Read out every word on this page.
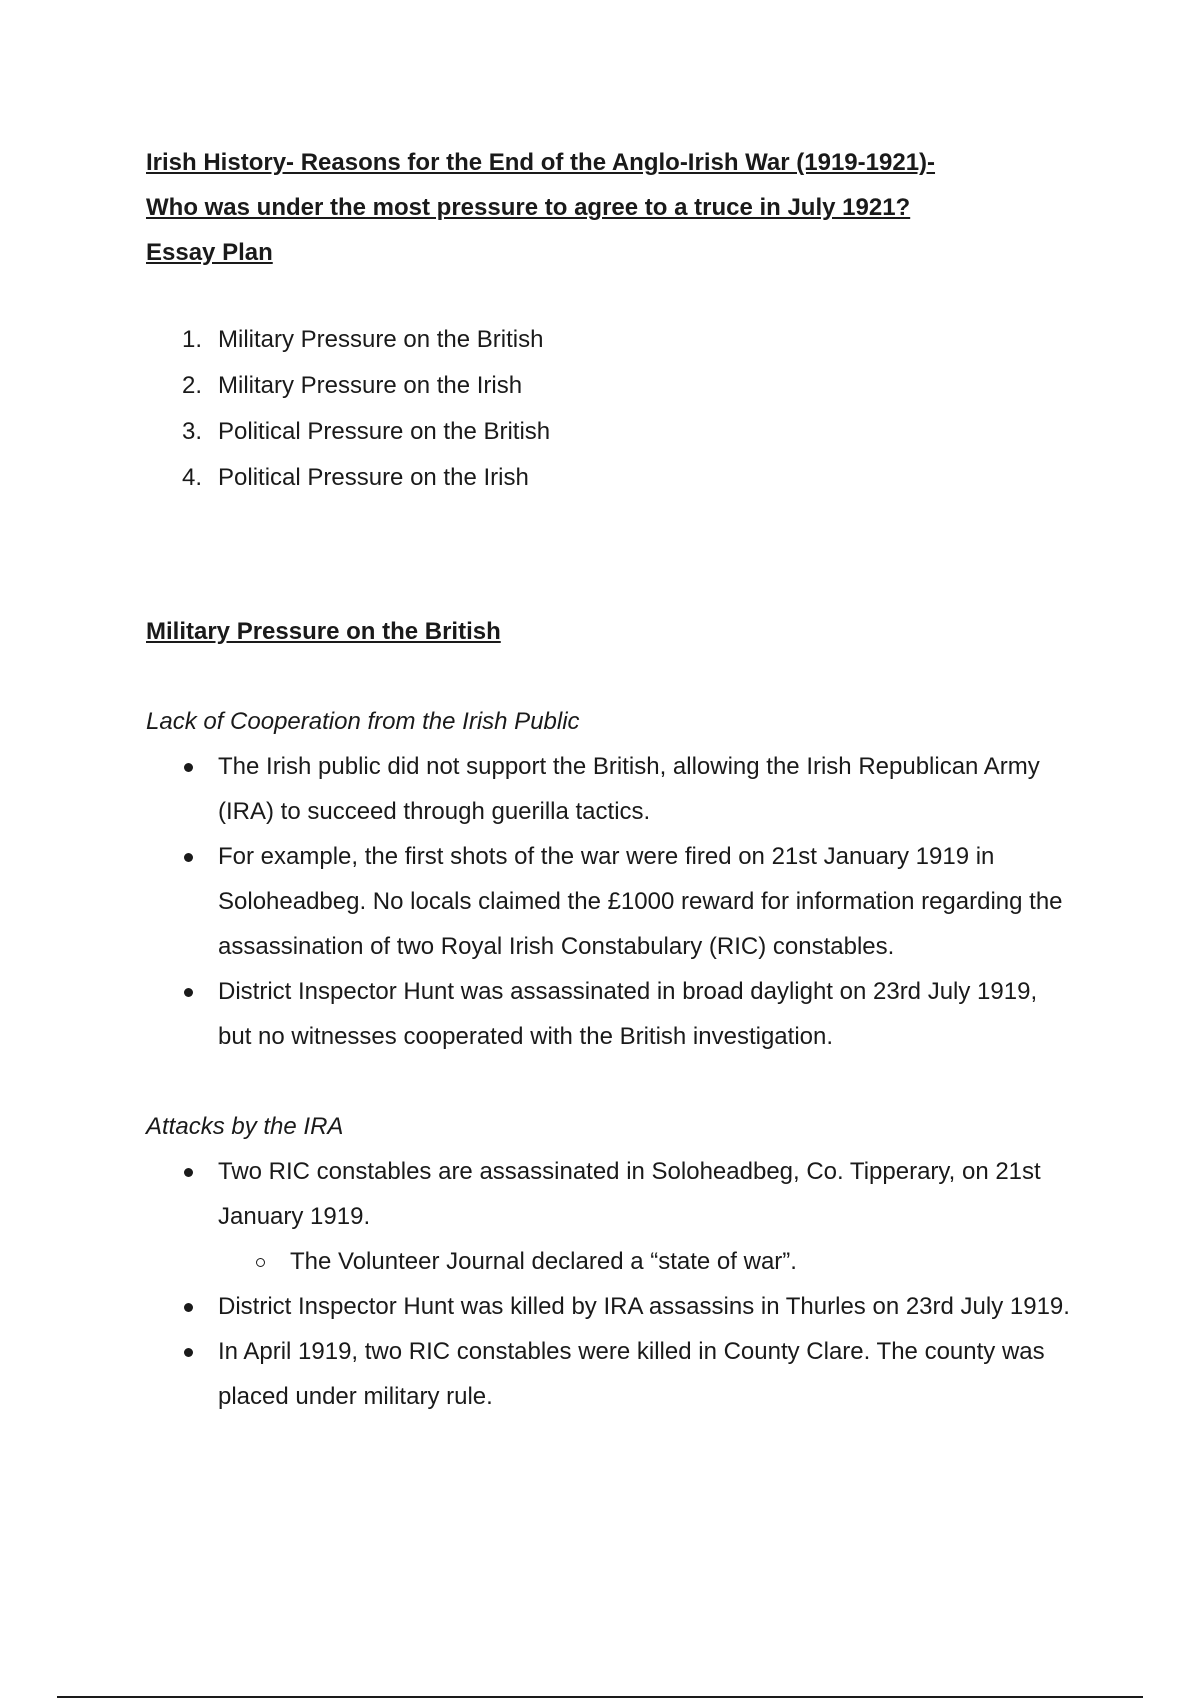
Irish History- Reasons for the End of the Anglo-Irish War (1919-1921)-

Who was under the most pressure to agree to a truce in July 1921?

Essay Plan

1. Military Pressure on the British
2. Military Pressure on the Irish
3. Political Pressure on the British
4. Political Pressure on the Irish

Military Pressure on the British

Lack of Cooperation from the Irish Public

The Irish public did not support the British, allowing the Irish Republican Army (IRA) to succeed through guerilla tactics.
For example, the first shots of the war were fired on 21st January 1919 in Soloheadbeg. No locals claimed the £1000 reward for information regarding the assassination of two Royal Irish Constabulary (RIC) constables.
District Inspector Hunt was assassinated in broad daylight on 23rd July 1919, but no witnesses cooperated with the British investigation.

Attacks by the IRA

Two RIC constables are assassinated in Soloheadbeg, Co. Tipperary, on 21st January 1919.
The Volunteer Journal declared a “state of war”.
District Inspector Hunt was killed by IRA assassins in Thurles on 23rd July 1919.
In April 1919, two RIC constables were killed in County Clare. The county was placed under military rule.
